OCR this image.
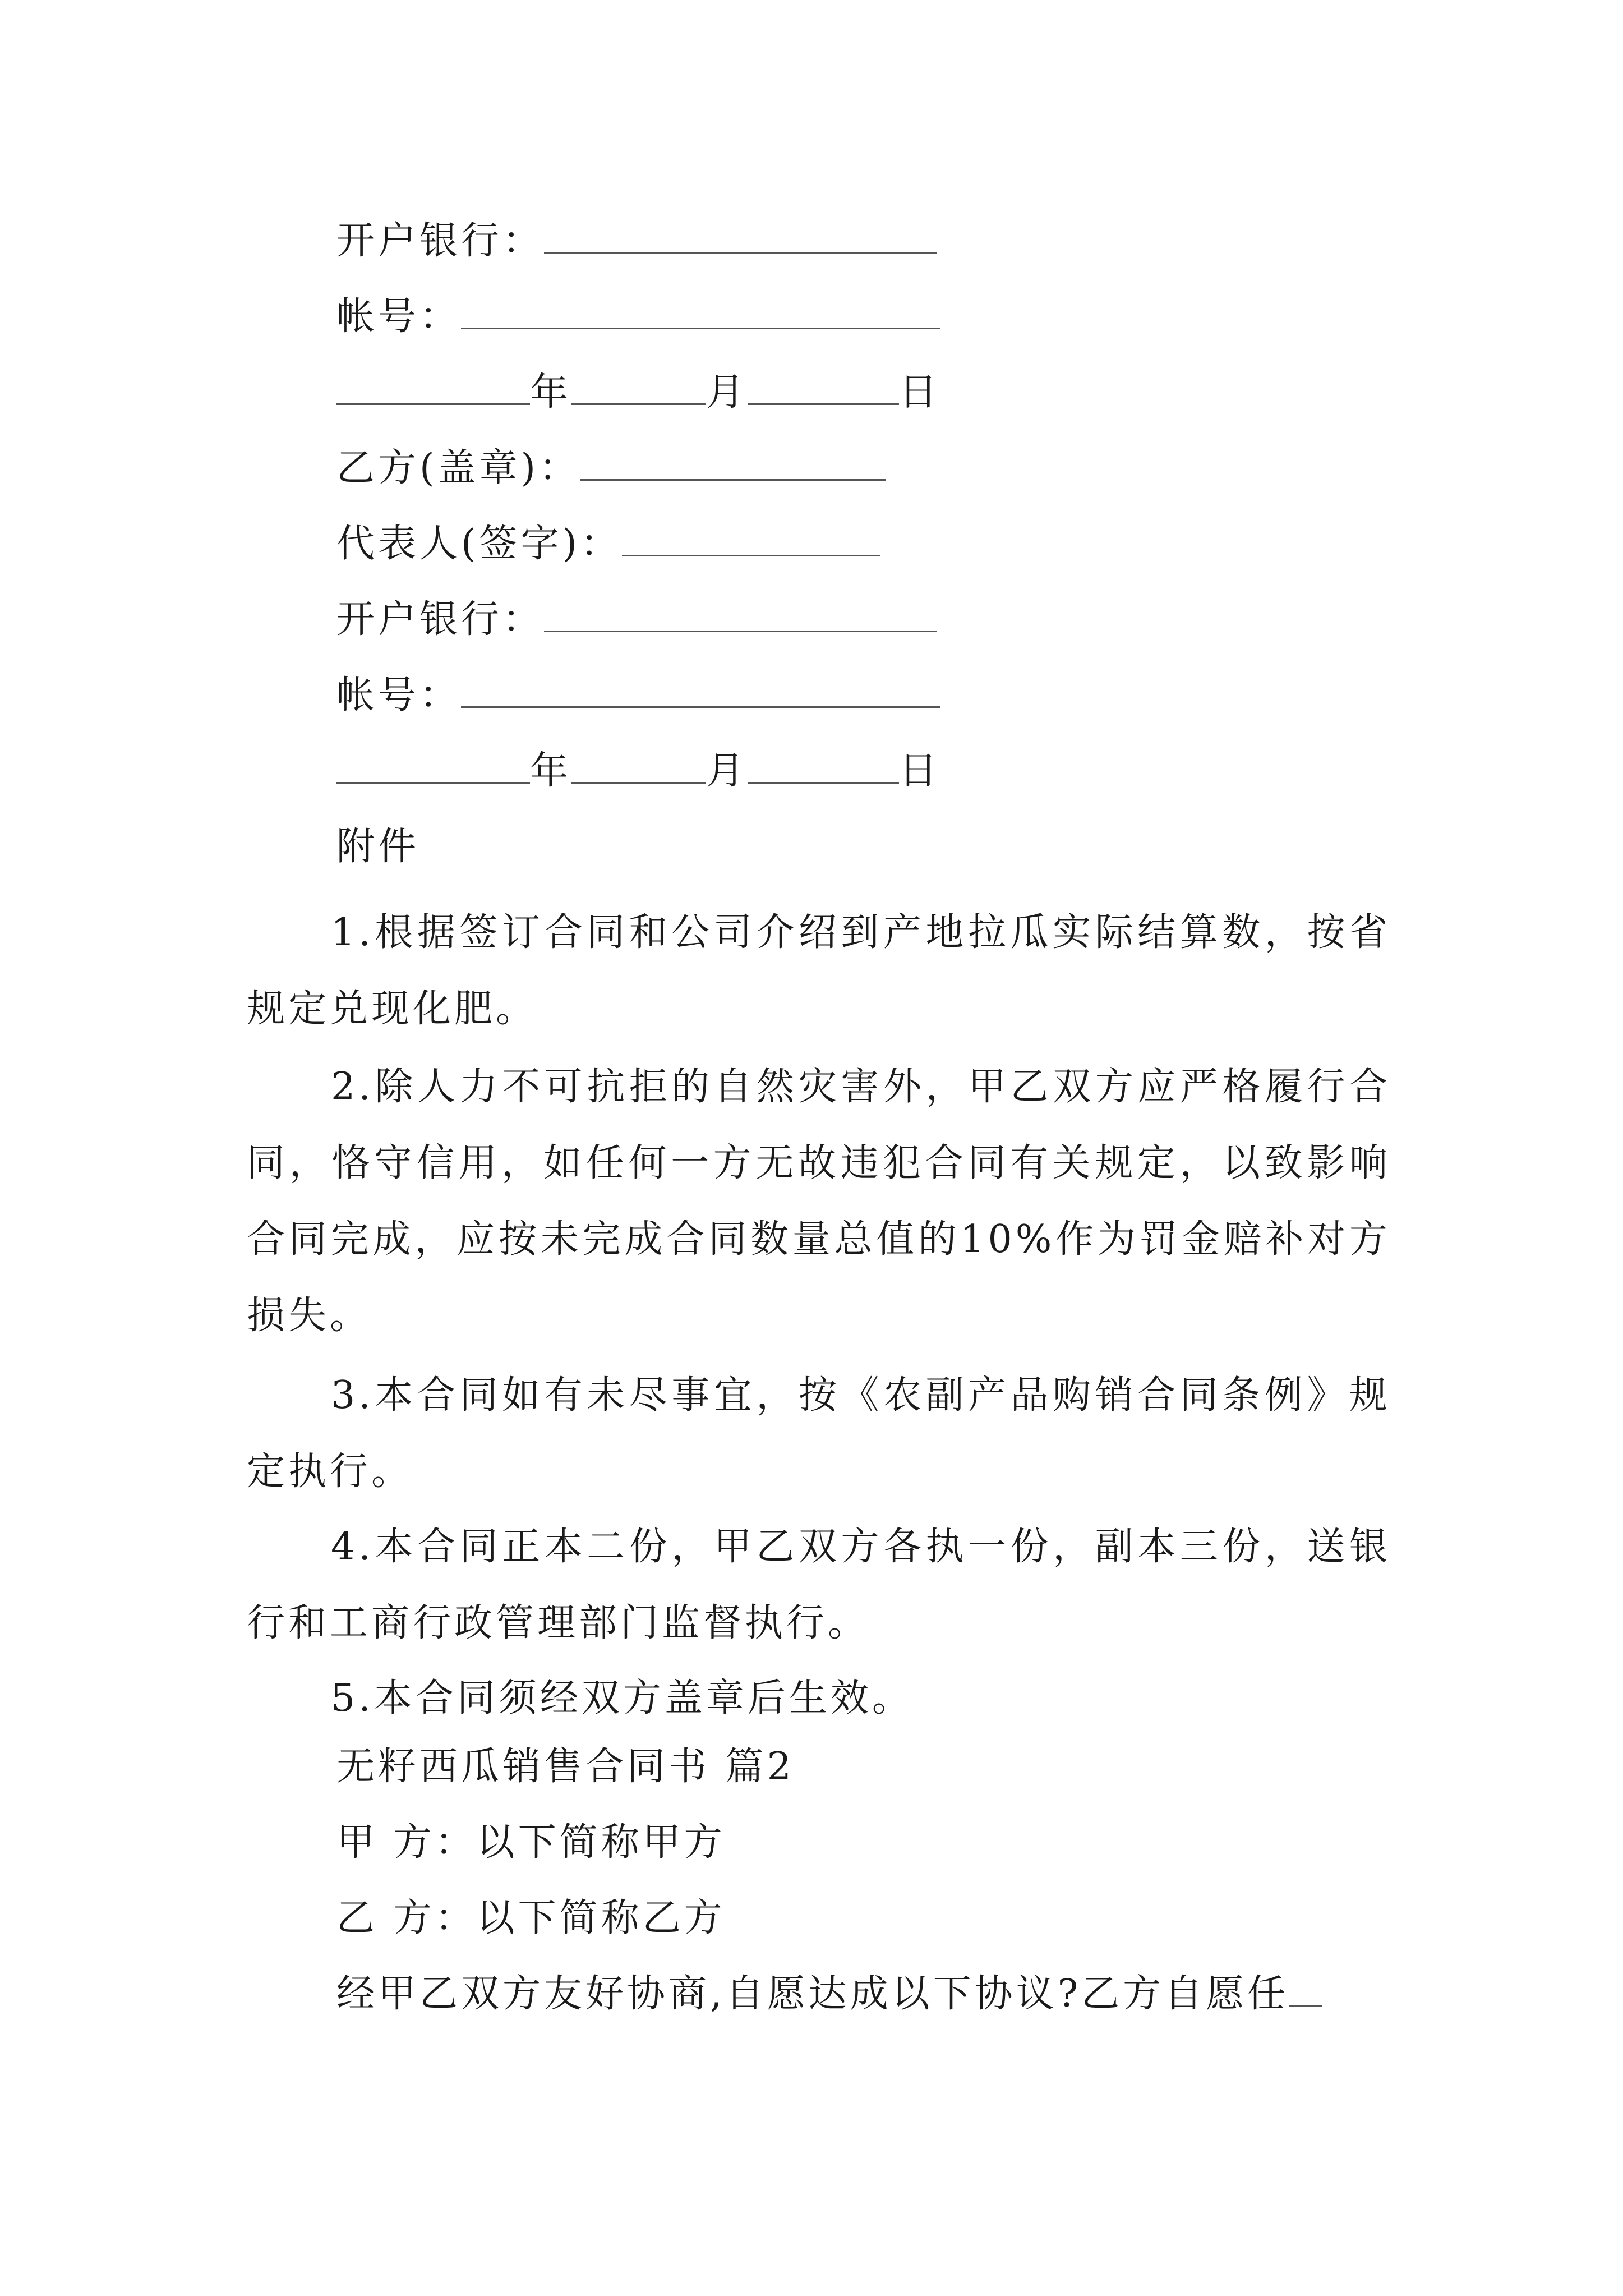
开户银行：
帐号：
年	月	日
乙方(盖章)：
代表人(签字)：
开户银行：
帐号：
年	月	日
附件
1.根据签订合同和公司介绍到产地拉瓜实际结算数，按省规定兑现化肥。
2.除人力不可抗拒的自然灾害外，甲乙双方应严格履行合同，恪守信用，如任何一方无故违犯合同有关规定，以致影响合同完成，应按未完成合同数量总值的10%作为罚金赔补对方损失。
3.本合同如有未尽事宜，按《农副产品购销合同条例》规定执行。
4.本合同正本二份，甲乙双方各执一份，副本三份，送银行和工商行政管理部门监督执行。
5.本合同须经双方盖章后生效。
无籽西瓜销售合同书 篇2
甲 方：以下简称甲方
乙 方：以下简称乙方
经甲乙双方友好协商,自愿达成以下协议?乙方自愿任
